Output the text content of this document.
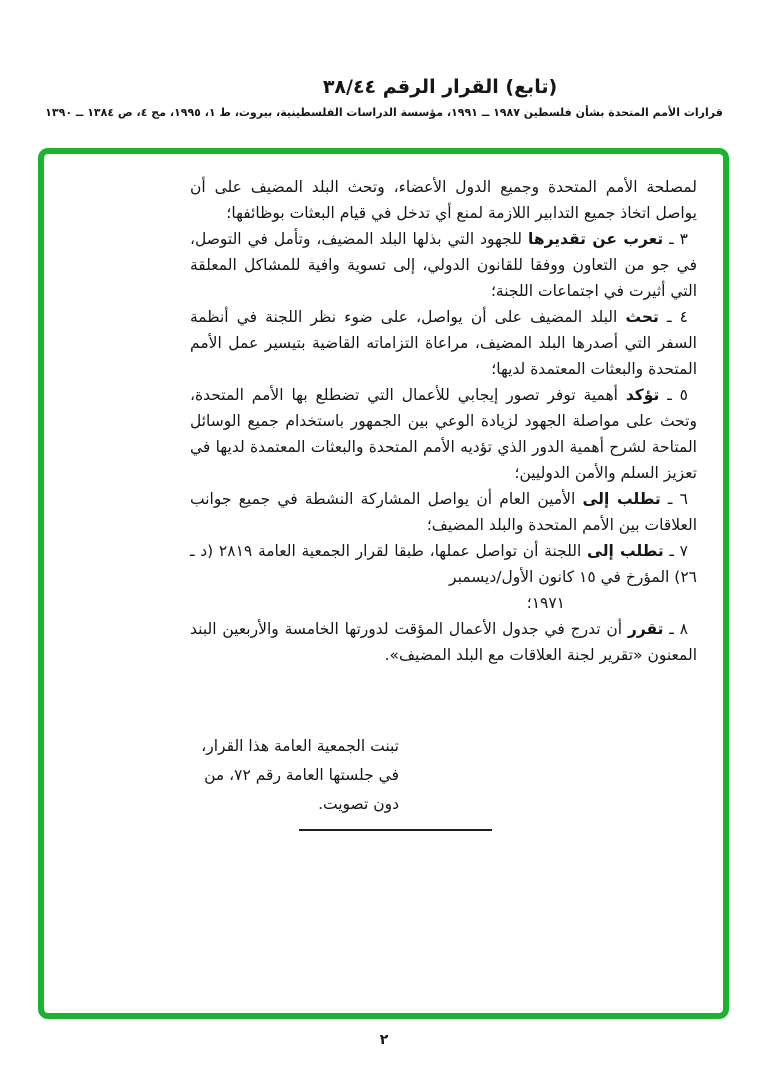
(تابع) القرار الرقم ٣٨/٤٤
قرارات الأمم المتحدة بشأن فلسطين ١٩٨٧ ــ ١٩٩١، مؤسسة الدراسات الفلسطينية، بيروت، ط ١، ١٩٩٥، مج ٤، ص ١٣٨٤ ــ ١٣٩٠

لمصلحة الأمم المتحدة وجميع الدول الأعضاء، وتحث البلد المضيف على أن يواصل اتخاذ جميع التدابير اللازمة لمنع أي تدخل في قيام البعثات بوظائفها؛

٣ ـ تعرب عن تقديرها للجهود التي بذلها البلد المضيف، وتأمل في التوصل، في جو من التعاون ووفقا للقانون الدولي، إلى تسوية وافية للمشاكل المعلقة التي أثيرت في اجتماعات اللجنة؛

٤ ـ تحث البلد المضيف على أن يواصل، على ضوء نظر اللجنة في أنظمة السفر التي أصدرها البلد المضيف، مراعاة التزاماته القاضية بتيسير عمل الأمم المتحدة والبعثات المعتمدة لديها؛

٥ ـ تؤكد أهمية توفر تصور إيجابي للأعمال التي تضطلع بها الأمم المتحدة، وتحث على مواصلة الجهود لزيادة الوعي بين الجمهور باستخدام جميع الوسائل المتاحة لشرح أهمية الدور الذي تؤديه الأمم المتحدة والبعثات المعتمدة لديها في تعزيز السلم والأمن الدوليين؛

٦ ـ تطلب إلى الأمين العام أن يواصل المشاركة النشطة في جميع جوانب العلاقات بين الأمم المتحدة والبلد المضيف؛

٧ ـ تطلب إلى اللجنة أن تواصل عملها، طبقا لقرار الجمعية العامة ٢٨١٩ (د ـ ٢٦) المؤرخ في ١٥ كانون الأول/ديسمبر

١٩٧١؛

٨ ـ تقرر أن تدرج في جدول الأعمال المؤقت لدورتها الخامسة والأربعين البند المعنون «تقرير لجنة العلاقات مع البلد المضيف».

تبنت الجمعية العامة هذا القرار، في جلستها العامة رقم ٧٢، من دون تصويت.
٢
